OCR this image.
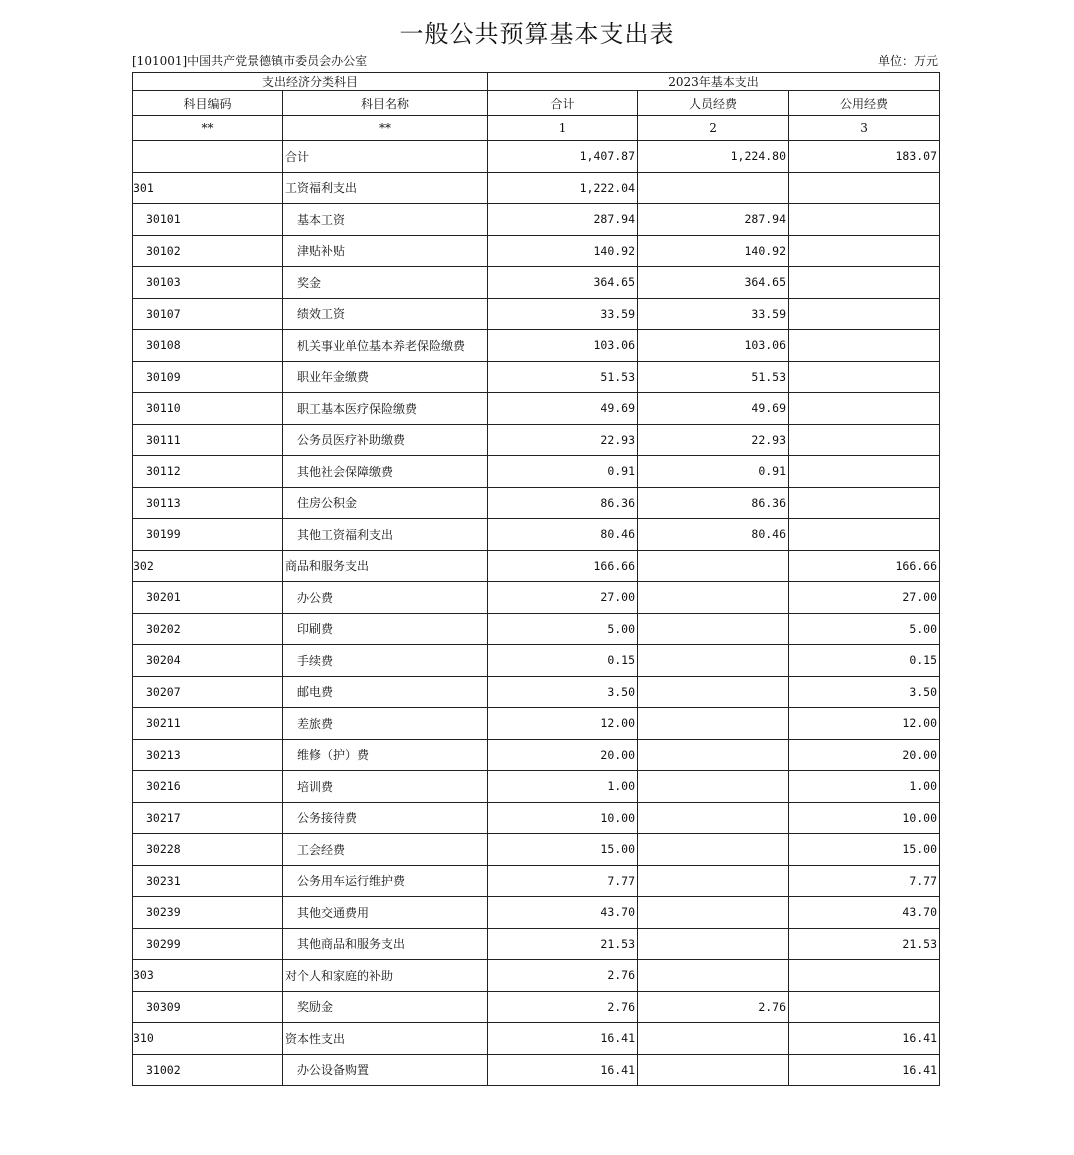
一般公共预算基本支出表
[101001]中国共产党景德镇市委员会办公室	单位：万元
支出经济分类科目		2023年基本支出		
科目编码	科目名称	合计	人员经费	公用经费
**	**	1	2	3
	合计	1,407.87	1,224.80	183.07
301	工资福利支出	1,222.04		
30101	基本工资	287.94	287.94	
30102	津贴补贴	140.92	140.92	
30103	奖金	364.65	364.65	
30107	绩效工资	33.59	33.59	
30108	机关事业单位基本养老保险缴费	103.06	103.06	
30109	职业年金缴费	51.53	51.53	
30110	职工基本医疗保险缴费	49.69	49.69	
30111	公务员医疗补助缴费	22.93	22.93	
30112	其他社会保障缴费	0.91	0.91	
30113	住房公积金	86.36	86.36	
30199	其他工资福利支出	80.46	80.46	
302	商品和服务支出	166.66		166.66
30201	办公费	27.00		27.00
30202	印刷费	5.00		5.00
30204	手续费	0.15		0.15
30207	邮电费	3.50		3.50
30211	差旅费	12.00		12.00
30213	维修（护）费	20.00		20.00
30216	培训费	1.00		1.00
30217	公务接待费	10.00		10.00
30228	工会经费	15.00		15.00
30231	公务用车运行维护费	7.77		7.77
30239	其他交通费用	43.70		43.70
30299	其他商品和服务支出	21.53		21.53
303	对个人和家庭的补助	2.76		
30309	奖励金	2.76	2.76	
310	资本性支出	16.41		16.41
31002	办公设备购置	16.41		16.41
